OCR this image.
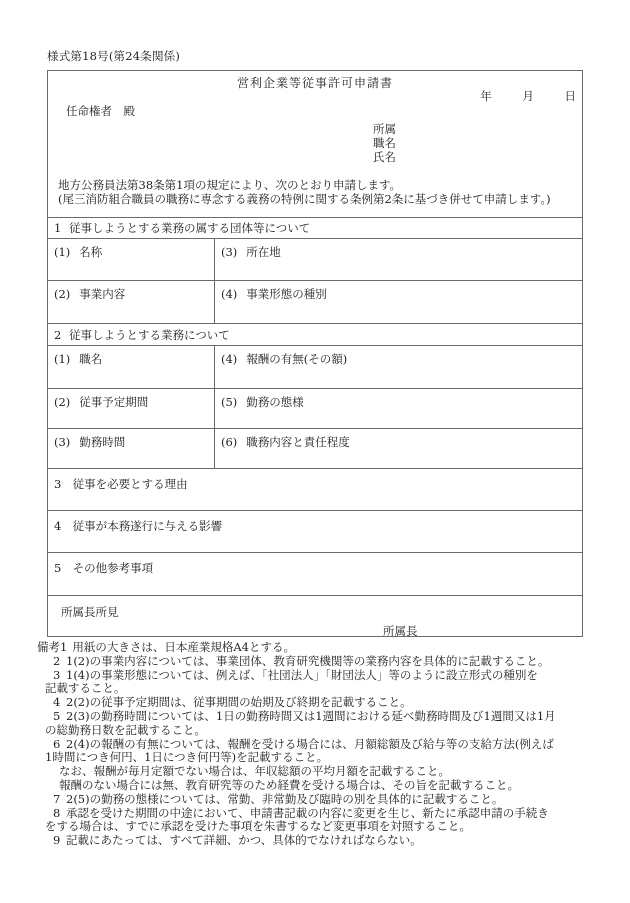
様式第18号(第24条関係)
営利企業等従事許可申請書
年	月	日
任命権者　殿
所属
職名
氏名
地方公務員法第38条第1項の規定により、次のとおり申請します。
(尾三消防組合職員の職務に専念する義務の特例に関する条例第2条に基づき併せて申請します。)
1 従事しようとする業務の属する団体等について
(1) 名称	(3) 所在地
(2) 事業内容	(4) 事業形態の種別
2 従事しようとする業務について
(1) 職名	(4) 報酬の有無(その額)
(2) 従事予定期間	(5) 勤務の態様
(3) 勤務時間	(6) 職務内容と責任程度
3 従事を必要とする理由
4 従事が本務遂行に与える影響
5 その他参考事項
所属長所見
所属長
備考 1 用紙の大きさは、日本産業規格A4とする。
2 1(2)の事業内容については、事業団体、教育研究機関等の業務内容を具体的に記載すること。
3 1(4)の事業形態については、例えば、「社団法人」「財団法人」等のように設立形式の種別を
記載すること。
4 2(2)の従事予定期間は、従事期間の始期及び終期を記載すること。
5 2(3)の勤務時間については、1日の勤務時間又は1週間における延べ勤務時間及び1週間又は1月
の総勤務日数を記載すること。
6 2(4)の報酬の有無については、報酬を受ける場合には、月額総額及び給与等の支給方法(例えば
1時間につき何円、1日につき何円等)を記載すること。
なお、報酬が毎月定額でない場合は、年収総額の平均月額を記載すること。
報酬のない場合には無、教育研究等のため経費を受ける場合は、その旨を記載すること。
7 2(5)の勤務の態様については、常勤、非常勤及び臨時の別を具体的に記載すること。
8 承認を受けた期間の中途において、申請書記載の内容に変更を生じ、新たに承認申請の手続き
をする場合は、すでに承認を受けた事項を朱書するなど変更事項を対照すること。
9 記載にあたっては、すべて詳細、かつ、具体的でなければならない。
